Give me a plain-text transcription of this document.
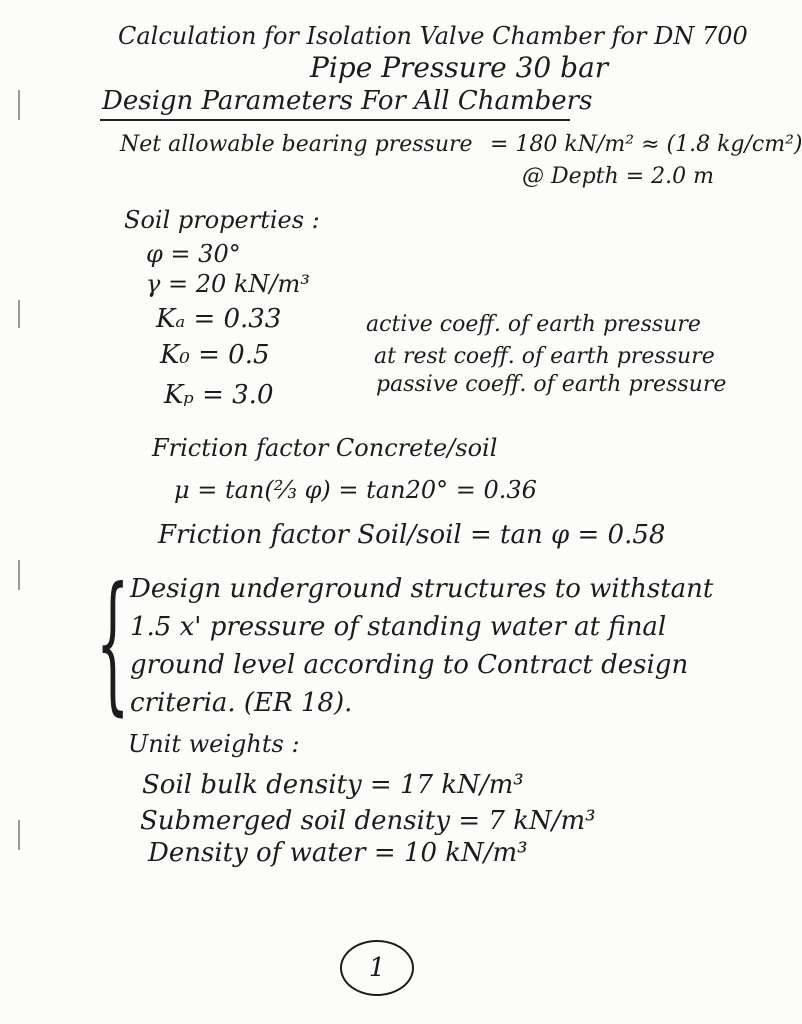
Calculation for Isolation Valve Chamber for DN 700
Pipe Pressure 30 bar
Design Parameters For All Chambers
Net allowable bearing pressure = 180 kN/m² ≈ (1.8 kg/cm²)
@ Depth = 2.0 m
Soil properties :
φ = 30°
γ = 20 kN/m³
Kₐ = 0.33	active coeff. of earth pressure
K₀ = 0.5	at rest coeff. of earth pressure
Kₚ = 3.0	passive coeff. of earth pressure
Friction factor Concrete/soil
μ = tan(⅔ φ) = tan20° = 0.36
Friction factor Soil/soil = tan φ = 0.58
{ Design underground structures to withstant
1.5 x' pressure of standing water at final
ground level according to Contract design
criteria. (ER 18).
Unit weights :
Soil bulk density = 17 kN/m³
Submerged soil density = 7 kN/m³
Density of water = 10 kN/m³
1
